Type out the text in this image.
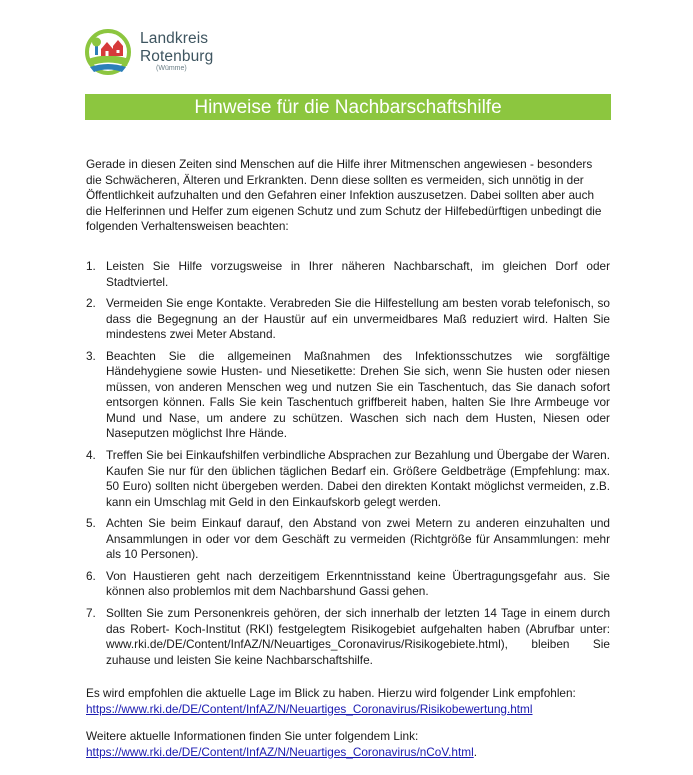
Landkreis
Rotenburg
(Wümme)
Hinweise für die Nachbarschaftshilfe

Gerade in diesen Zeiten sind Menschen auf die Hilfe ihrer Mitmenschen angewiesen - besonders die Schwächeren, Älteren und Erkrankten. Denn diese sollten es vermeiden, sich unnötig in der Öffentlichkeit aufzuhalten und den Gefahren einer Infektion auszusetzen. Dabei sollten aber auch die Helferinnen und Helfer zum eigenen Schutz und zum Schutz der Hilfebedürftigen unbedingt die folgenden Verhaltensweisen beachten:

1. Leisten Sie Hilfe vorzugsweise in Ihrer näheren Nachbarschaft, im gleichen Dorf oder Stadtviertel.
2. Vermeiden Sie enge Kontakte. Verabreden Sie die Hilfestellung am besten vorab telefonisch, so dass die Begegnung an der Haustür auf ein unvermeidbares Maß reduziert wird. Halten Sie mindestens zwei Meter Abstand.
3. Beachten Sie die allgemeinen Maßnahmen des Infektionsschutzes wie sorgfältige Händehygiene sowie Husten- und Niesetikette: Drehen Sie sich, wenn Sie husten oder niesen müssen, von anderen Menschen weg und nutzen Sie ein Taschentuch, das Sie danach sofort entsorgen können. Falls Sie kein Taschentuch griffbereit haben, halten Sie Ihre Armbeuge vor Mund und Nase, um andere zu schützen. Waschen sich nach dem Husten, Niesen oder Naseputzen möglichst Ihre Hände.
4. Treffen Sie bei Einkaufshilfen verbindliche Absprachen zur Bezahlung und Übergabe der Waren. Kaufen Sie nur für den üblichen täglichen Bedarf ein. Größere Geldbeträge (Empfehlung: max. 50 Euro) sollten nicht übergeben werden. Dabei den direkten Kontakt möglichst vermeiden, z.B. kann ein Umschlag mit Geld in den Einkaufskorb gelegt werden.
5. Achten Sie beim Einkauf darauf, den Abstand von zwei Metern zu anderen einzuhalten und Ansammlungen in oder vor dem Geschäft zu vermeiden (Richtgröße für Ansammlungen: mehr als 10 Personen).
6. Von Haustieren geht nach derzeitigem Erkenntnisstand keine Übertragungsgefahr aus. Sie können also problemlos mit dem Nachbarshund Gassi gehen.
7. Sollten Sie zum Personenkreis gehören, der sich innerhalb der letzten 14 Tage in einem durch das Robert- Koch-Institut (RKI) festgelegtem Risikogebiet aufgehalten haben (Abrufbar unter: www.rki.de/DE/Content/InfAZ/N/Neuartiges_Coronavirus/Risikogebiete.html), bleiben Sie zuhause und leisten Sie keine Nachbarschaftshilfe.

Es wird empfohlen die aktuelle Lage im Blick zu haben. Hierzu wird folgender Link empfohlen: https://www.rki.de/DE/Content/InfAZ/N/Neuartiges_Coronavirus/Risikobewertung.html

Weitere aktuelle Informationen finden Sie unter folgendem Link: https://www.rki.de/DE/Content/InfAZ/N/Neuartiges_Coronavirus/nCoV.html.
